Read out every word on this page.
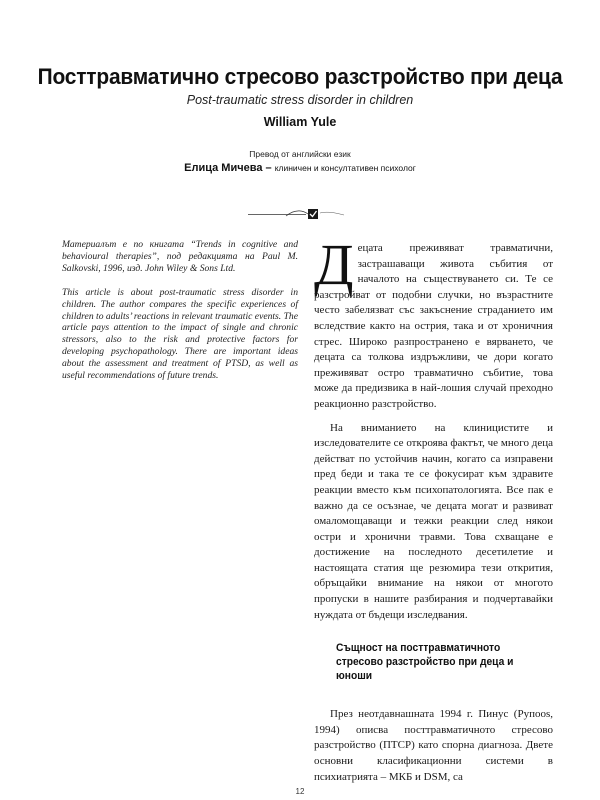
Посттравматично стресово разстройство при деца
Post-traumatic stress disorder in children
William Yule
Превод от английски език
Елица Мичева – клиничен и консултативен психолог

Материалът е по книгата “Trends in cognitive and behavioural therapies”, под редакцията на Paul M. Salkovski, 1996, изд. John Wiley & Sons Ltd.

This article is about post-traumatic stress disorder in children. The author compares the specific experiences of children to adults’ reactions in relevant traumatic events. The article pays attention to the impact of single and chronic stressors, also to the risk and protective factors for developing psychopathology. There are important ideas about the assessment and treatment of PTSD, as well as useful recommendations of future trends.

Децата преживяват травматични, застрашаващи живота събития от началото на съществуването си. Те се разстройват от подобни случки, но възрастните често забелязват със закъснение страданието им вследствие както на острия, така и от хроничния стрес. Широко разпространено е вярването, че децата са толкова издръжливи, че дори когато преживяват остро травматично събитие, това може да предизвика в най-лошия случай преходно реакционно разстройство.

На вниманието на клиницистите и изследователите се откроява фактът, че много деца действат по устойчив начин, когато са изправени пред беди и така те се фокусират към здравите реакции вместо към психопатологията. Все пак е важно да се осъзнае, че децата могат и развиват омаломощаващи и тежки реакции след някои остри и хронични травми. Това схващане е достижение на последното десетилетие и настоящата статия ще резюмира тези открития, обръщайки внимание на някои от многото пропуски в нашите разбирания и подчертавайки нуждата от бъдещи изследвания.

Същност на посттравматичното стресово разстройство при деца и юноши

През неотдавнашната 1994 г. Пинус (Рупоos, 1994) описва посттравматичното стресово разстройство (ПТСР) като спорна диагноза. Двете основни класификационни системи в психиатрията – МКБ и DSM, са

12
